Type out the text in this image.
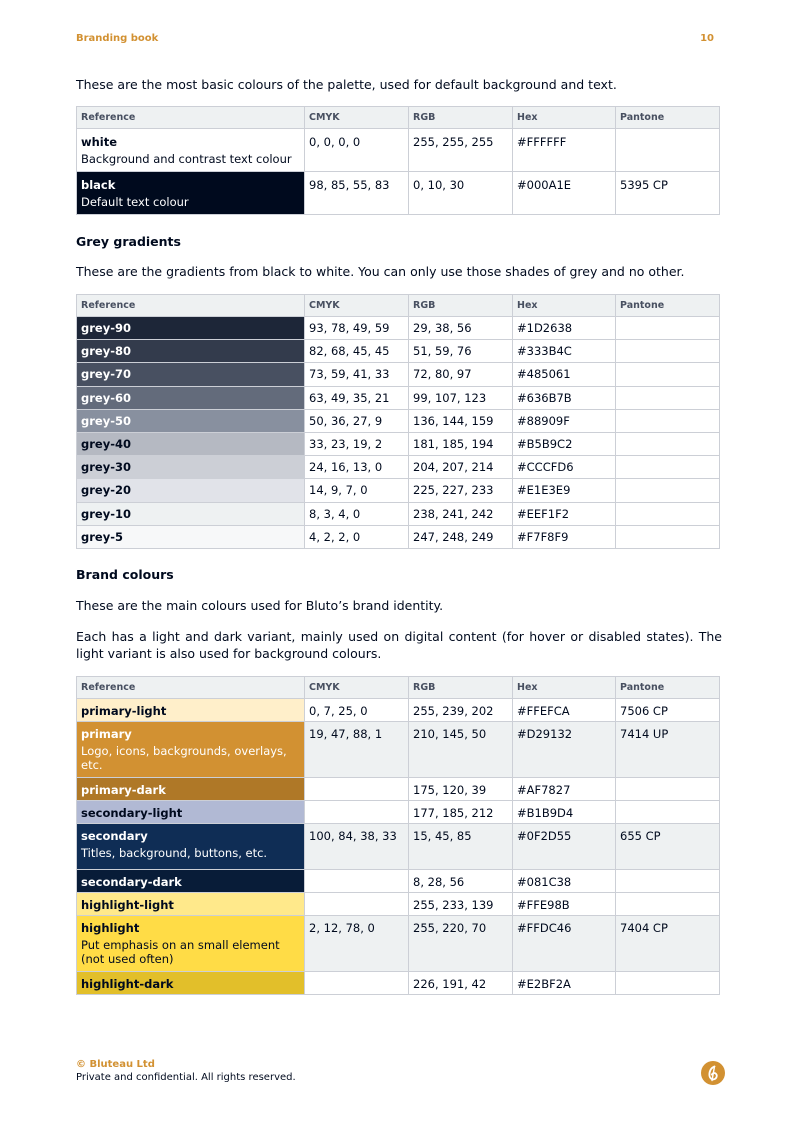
Branding book	10

These are the most basic colours of the palette, used for default background and text.

Reference	CMYK	RGB	Hex	Pantone

white
Background and contrast text colour	0, 0, 0, 0	255, 255, 255	#FFFFFF	

black
Default text colour	98, 85, 55, 83	0, 10, 30	#000A1E	5395 CP
Grey gradients

These are the gradients from black to white. You can only use those shades of grey and no other.

Reference	CMYK	RGB	Hex	Pantone

grey-90	93, 78, 49, 59	29, 38, 56	#1D2638	

grey-80	82, 68, 45, 45	51, 59, 76	#333B4C	

grey-70	73, 59, 41, 33	72, 80, 97	#485061	

grey-60	63, 49, 35, 21	99, 107, 123	#636B7B	

grey-50	50, 36, 27, 9	136, 144, 159	#88909F	

grey-40	33, 23, 19, 2	181, 185, 194	#B5B9C2	

grey-30	24, 16, 13, 0	204, 207, 214	#CCCFD6	

grey-20	14, 9, 7, 0	225, 227, 233	#E1E3E9	

grey-10	8, 3, 4, 0	238, 241, 242	#EEF1F2	

grey-5	4, 2, 2, 0	247, 248, 249	#F7F8F9	
Brand colours

These are the main colours used for Bluto’s brand identity.

Each has a light and dark variant, mainly used on digital content (for hover or disabled states). The light variant is also used for background colours.

Reference	CMYK	RGB	Hex	Pantone

primary-light	0, 7, 25, 0	255, 239, 202	#FFEFCA	7506 CP

primary
Logo, icons, backgrounds, overlays, etc.	19, 47, 88, 1	210, 145, 50	#D29132	7414 UP

primary-dark		175, 120, 39	#AF7827	

secondary-light		177, 185, 212	#B1B9D4	

secondary
Titles, background, buttons, etc.	100, 84, 38, 33	15, 45, 85	#0F2D55	655 CP

secondary-dark		8, 28, 56	#081C38	

highlight-light		255, 233, 139	#FFE98B	

highlight
Put emphasis on an small element (not used often)	2, 12, 78, 0	255, 220, 70	#FFDC46	7404 CP

highlight-dark		226, 191, 42	#E2BF2A	
© Bluteau Ltd
Private and confidential. All rights reserved.
